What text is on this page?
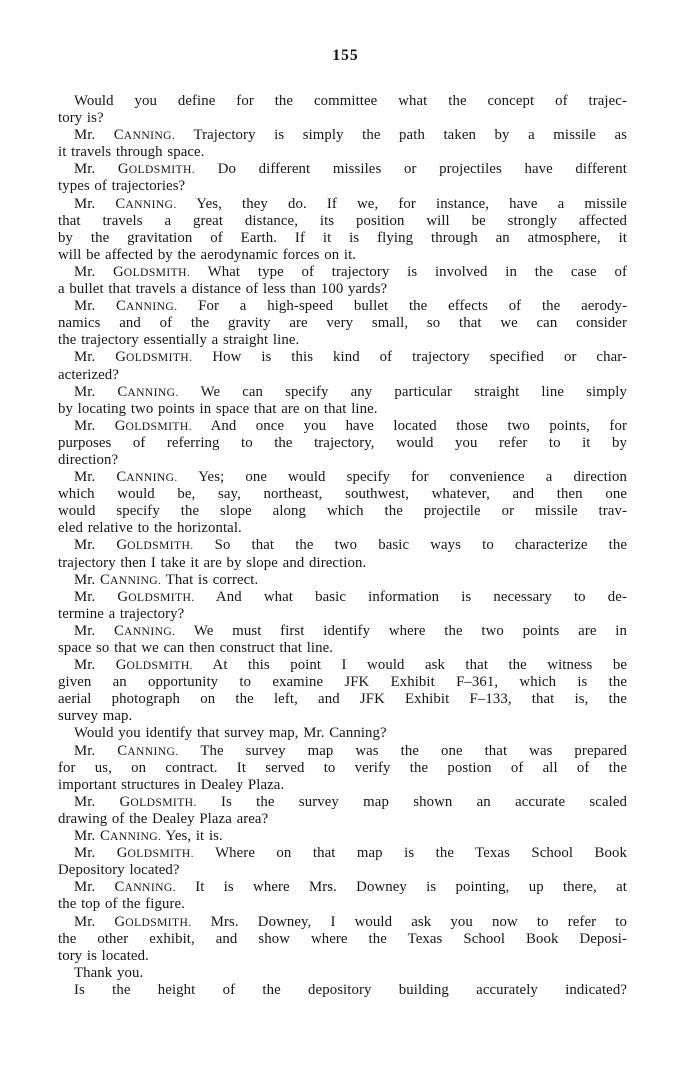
155
Would you define for the committee what the concept of trajec-
tory is?
Mr. CANNING. Trajectory is simply the path taken by a missile as
it travels through space.
Mr. GOLDSMITH. Do different missiles or projectiles have different
types of trajectories?
Mr. CANNING. Yes, they do. If we, for instance, have a missile
that travels a great distance, its position will be strongly affected
by the gravitation of Earth. If it is flying through an atmosphere, it
will be affected by the aerodynamic forces on it.
Mr. GOLDSMITH. What type of trajectory is involved in the case of
a bullet that travels a distance of less than 100 yards?
Mr. CANNING. For a high-speed bullet the effects of the aerody-
namics and of the gravity are very small, so that we can consider
the trajectory essentially a straight line.
Mr. GOLDSMITH. How is this kind of trajectory specified or char-
acterized?
Mr. CANNING. We can specify any particular straight line simply
by locating two points in space that are on that line.
Mr. GOLDSMITH. And once you have located those two points, for
purposes of referring to the trajectory, would you refer to it by
direction?
Mr. CANNING. Yes; one would specify for convenience a direction
which would be, say, northeast, southwest, whatever, and then one
would specify the slope along which the projectile or missile trav-
eled relative to the horizontal.
Mr. GOLDSMITH. So that the two basic ways to characterize the
trajectory then I take it are by slope and direction.
Mr. CANNING. That is correct.
Mr. GOLDSMITH. And what basic information is necessary to de-
termine a trajectory?
Mr. CANNING. We must first identify where the two points are in
space so that we can then construct that line.
Mr. GOLDSMITH. At this point I would ask that the witness be
given an opportunity to examine JFK Exhibit F–361, which is the
aerial photograph on the left, and JFK Exhibit F–133, that is, the
survey map.
Would you identify that survey map, Mr. Canning?
Mr. CANNING. The survey map was the one that was prepared
for us, on contract. It served to verify the postion of all of the
important structures in Dealey Plaza.
Mr. GOLDSMITH. Is the survey map shown an accurate scaled
drawing of the Dealey Plaza area?
Mr. CANNING. Yes, it is.
Mr. GOLDSMITH. Where on that map is the Texas School Book
Depository located?
Mr. CANNING. It is where Mrs. Downey is pointing, up there, at
the top of the figure.
Mr. GOLDSMITH. Mrs. Downey, I would ask you now to refer to
the other exhibit, and show where the Texas School Book Deposi-
tory is located.
Thank you.
Is the height of the depository building accurately indicated?
